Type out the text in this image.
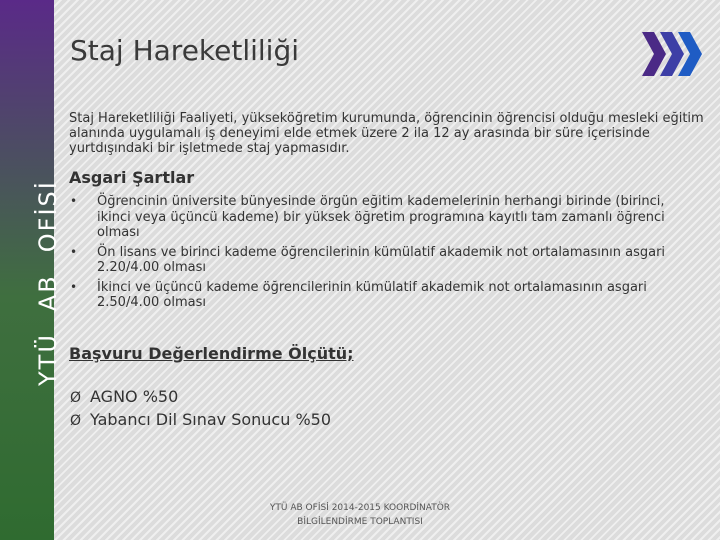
YTÜABOFİSİ
Staj Hareketliliği
Staj Hareketliliği Faaliyeti, yükseköğretim kurumunda, öğrencinin öğrencisi olduğu mesleki eğitim alanında uygulamalı iş deneyimi elde etmek üzere 2 ila 12 ay arasında bir süre içerisinde yurtdışındaki bir işletmede staj yapmasıdır.
Asgari Şartlar
• Öğrencinin üniversite bünyesinde örgün eğitim kademelerinin herhangi birinde (birinci, ikinci veya üçüncü kademe) bir yüksek öğretim programına kayıtlı tam zamanlı öğrenci olması
• Ön lisans ve birinci kademe öğrencilerinin kümülatif akademik not ortalamasının asgari 2.20/4.00 olması
• İkinci ve üçüncü kademe öğrencilerinin kümülatif akademik not ortalamasının asgari 2.50/4.00 olması
Başvuru Değerlendirme Ölçütü;
Ø AGNO %50
Ø Yabancı Dil Sınav Sonucu %50
YTÜ AB OFİSİ 2014-2015 KOORDİNATÖR
BİLGİLENDİRME TOPLANTISI
